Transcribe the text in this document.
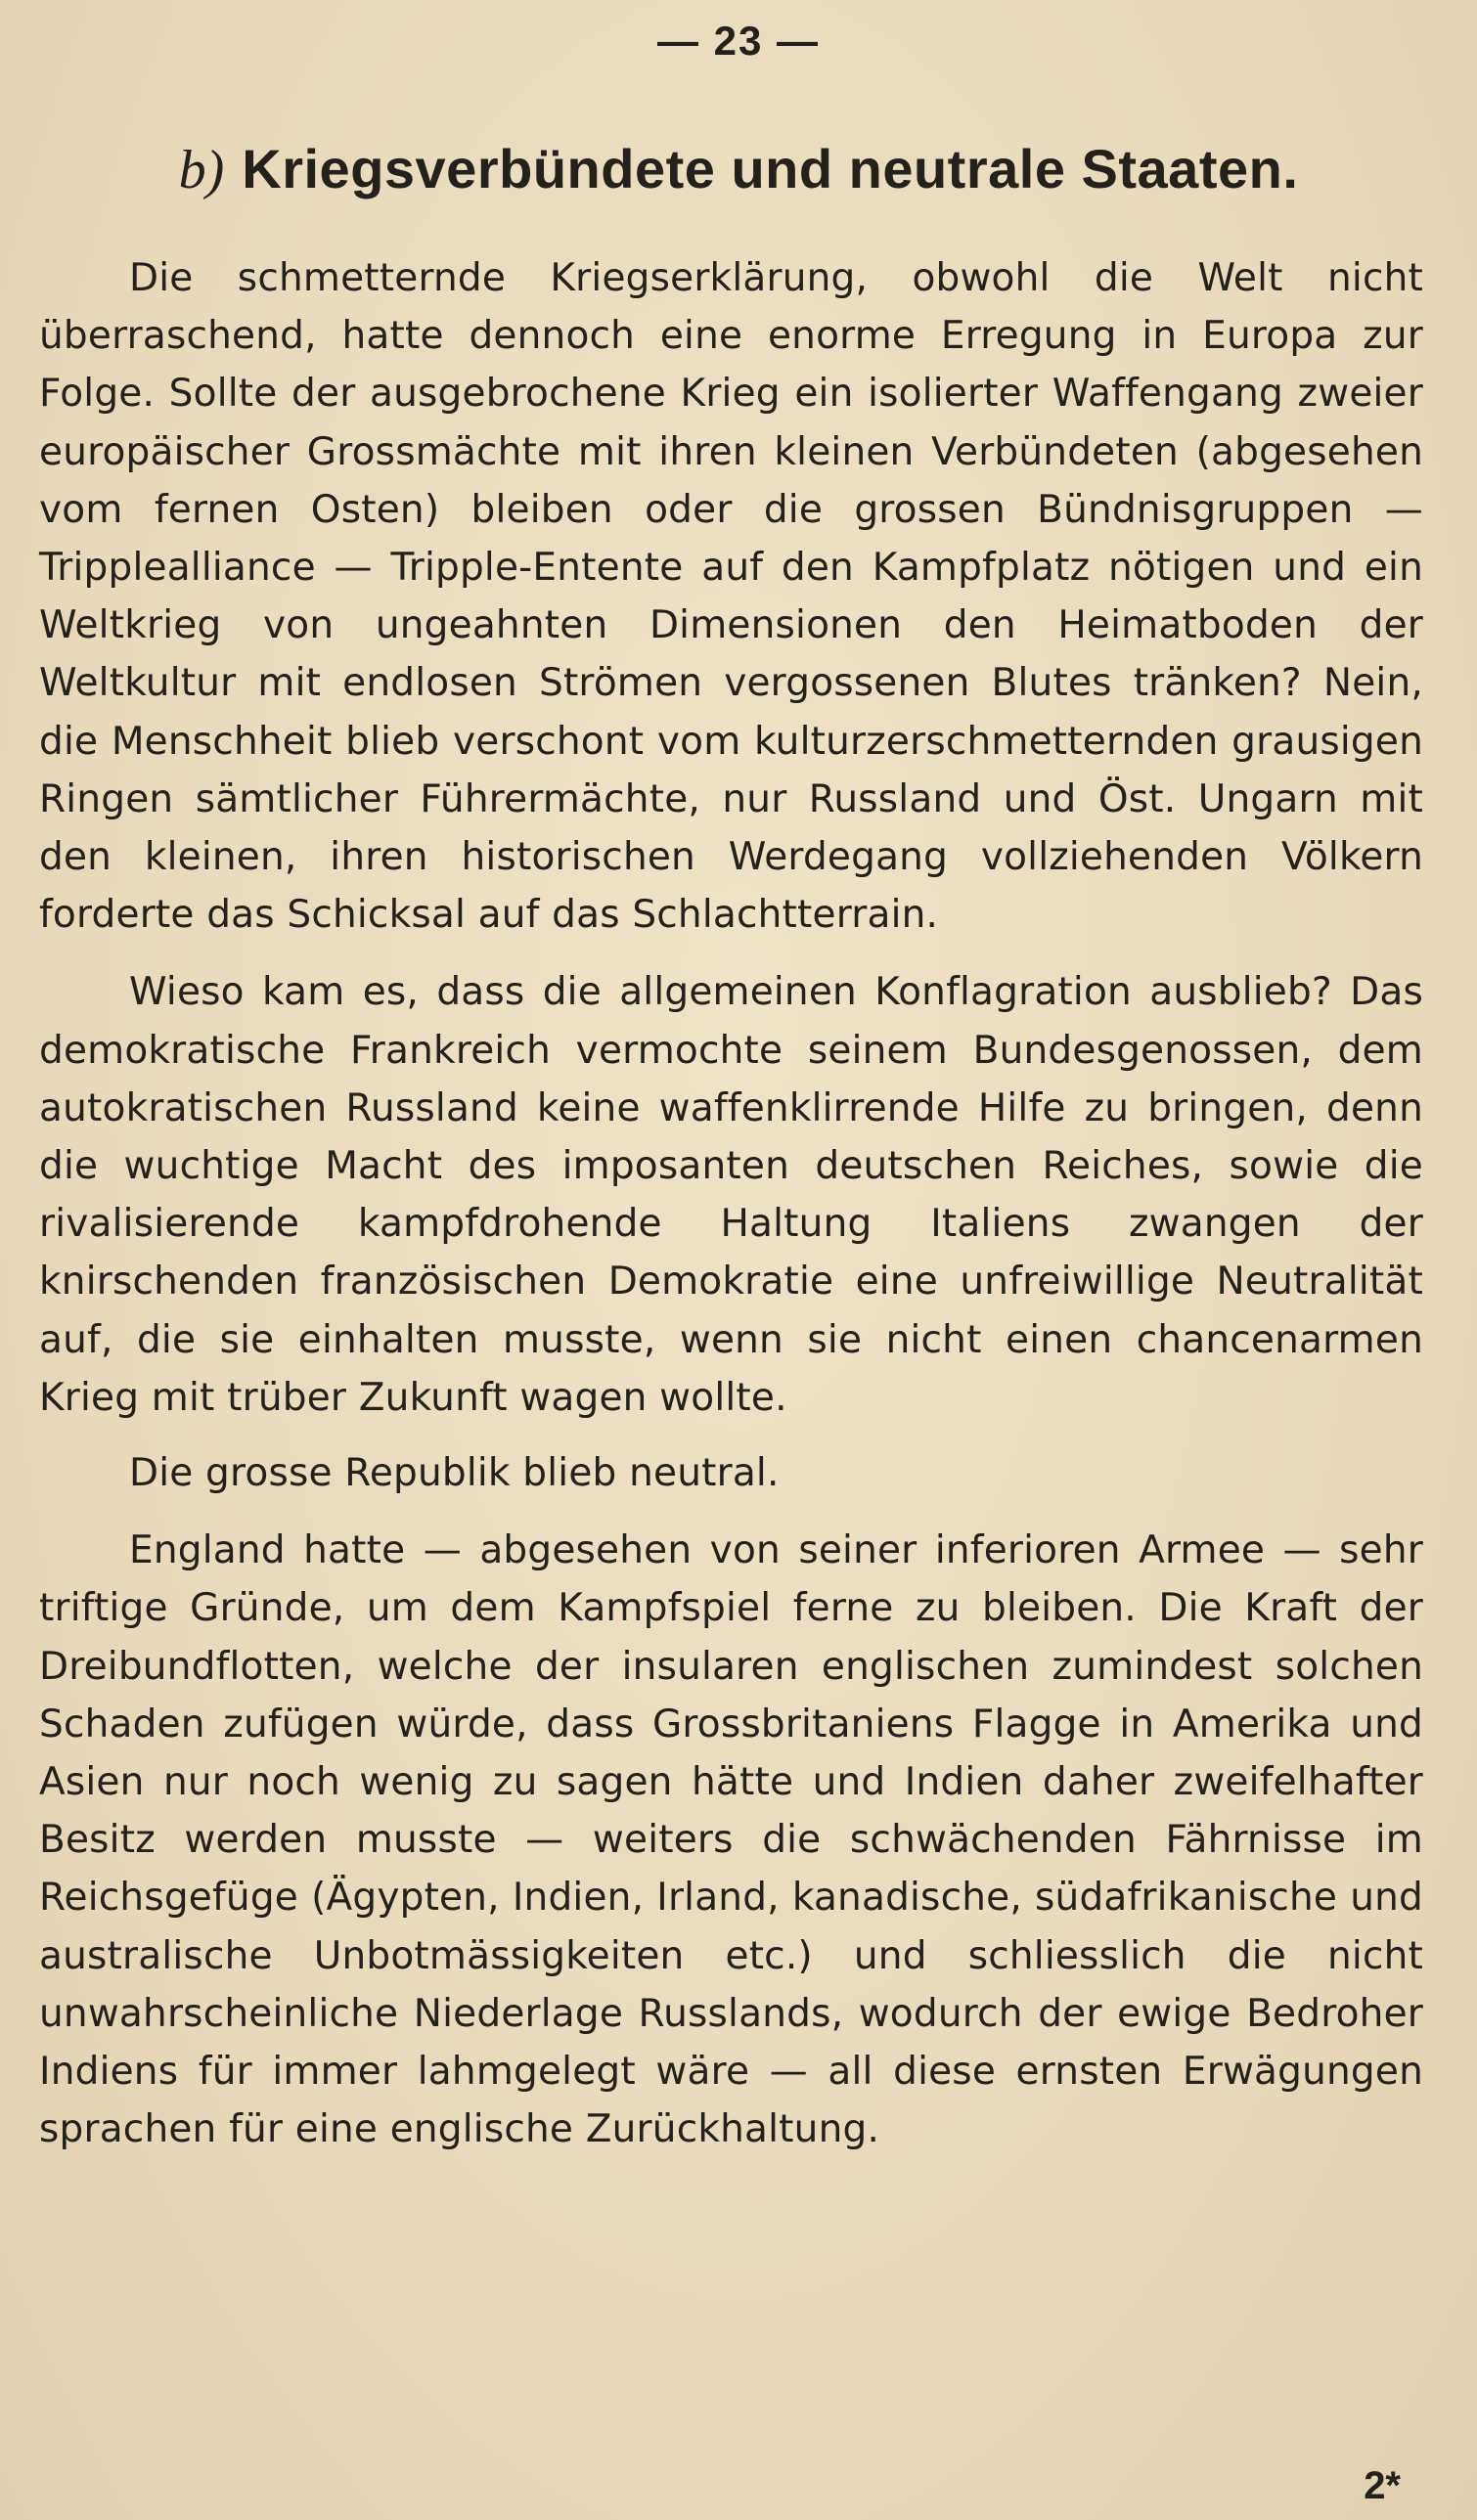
— 23 —
b) Kriegsverbündete und neutrale Staaten.

Die schmetternde Kriegserklärung, obwohl die Welt nicht überraschend, hatte dennoch eine enorme Erregung in Europa zur Folge. Sollte der ausgebrochene Krieg ein isolierter Waffengang zweier europäischer Grossmächte mit ihren kleinen Verbündeten (abgesehen vom fernen Osten) bleiben oder die grossen Bündnisgruppen — Tripplealliance — Tripple-Entente auf den Kampfplatz nötigen und ein Weltkrieg von ungeahnten Dimensionen den Heimatboden der Weltkultur mit endlosen Strömen vergossenen Blutes tränken? Nein, die Menschheit blieb verschont vom kulturzerschmetternden grausigen Ringen sämtlicher Führermächte, nur Russland und Öst. Ungarn mit den kleinen, ihren historischen Werdegang vollziehenden Völkern forderte das Schicksal auf das Schlachtterrain.

Wieso kam es, dass die allgemeinen Konflagration ausblieb? Das demokratische Frankreich vermochte seinem Bundesgenossen, dem autokratischen Russland keine waffenklirrende Hilfe zu bringen, denn die wuchtige Macht des imposanten deutschen Reiches, sowie die rivalisierende kampfdrohende Haltung Italiens zwangen der knirschenden französischen Demokratie eine unfreiwillige Neutralität auf, die sie einhalten musste, wenn sie nicht einen chancenarmen Krieg mit trüber Zukunft wagen wollte.

Die grosse Republik blieb neutral.

England hatte — abgesehen von seiner inferioren Armee — sehr triftige Gründe, um dem Kampfspiel ferne zu bleiben. Die Kraft der Dreibundflotten, welche der insularen englischen zumindest solchen Schaden zufügen würde, dass Grossbritaniens Flagge in Amerika und Asien nur noch wenig zu sagen hätte und Indien daher zweifelhafter Besitz werden musste — weiters die schwächenden Fährnisse im Reichsgefüge (Ägypten, Indien, Irland, kanadische, südafrikanische und australische Unbotmässigkeiten etc.) und schliesslich die nicht unwahrscheinliche Niederlage Russlands, wodurch der ewige Bedroher Indiens für immer lahmgelegt wäre — all diese ernsten Erwägungen sprachen für eine englische Zurückhaltung.

2*
